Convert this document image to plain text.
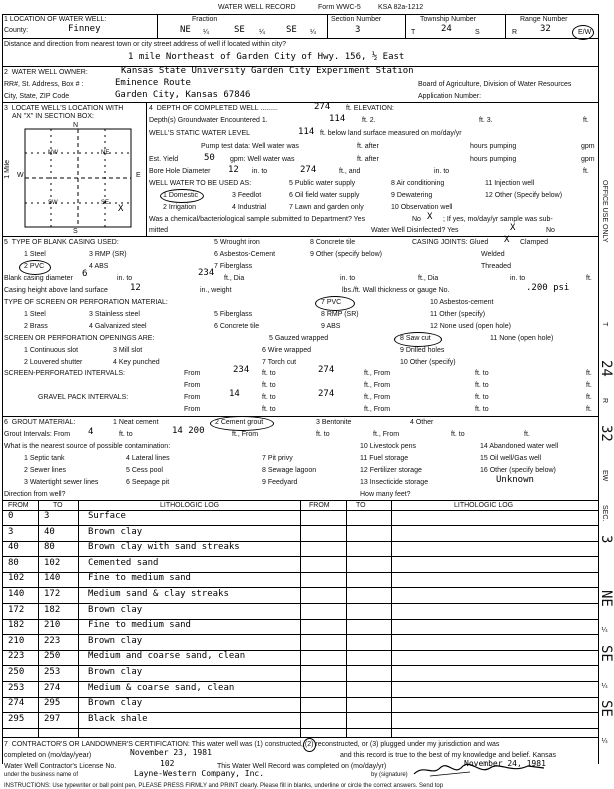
WATER WELL RECORD	Form WWC-5 KSA 82a-1212
1 LOCATION OF WATER WELL:
County:	Finney
Fraction
NE ¼	SE ¼ SE ¼
Section Number
3
Township Number
T	24	S
Range Number
R	32	E/W
Distance and direction from nearest town or city street address of well if located within city?
1 mile Northeast of Garden City of Hwy. 156, ½ East
2 WATER WELL OWNER:	Kansas State University Garden City Experiment Station
RR#, St. Address, Box # :	Eminence Route	Board of Agriculture, Division of Water Resources
City, State, ZIP Code	Garden City, Kansas 67846	Application Number:
3 LOCATE WELL'S LOCATION WITH
AN "X" IN SECTION BOX:
N
S
W	E
NW	NE
SW	SE
X
1 Mile
4 DEPTH OF COMPLETED WELL .........	274 ft. ELEVATION:
Depth(s) Groundwater Encountered 1.	114 ft. 2.	ft. 3.	ft.
WELL'S STATIC WATER LEVEL	114 ft. below land surface measured on mo/day/yr
Pump test data: Well water was	ft. after	hours pumping	gpm
Est. Yield	50 gpm: Well water was	ft. after	hours pumping	gpm
Bore Hole Diameter 12 in. to	274	ft., and	in. to	ft.
WELL WATER TO BE USED AS:
1 Domestic	3 Feedlot	6 Oil field water supply	9 Dewatering	12 Other (Specify below)
2 Irrigation	4 Industrial	7 Lawn and garden only	10 Observation well
5 Public water supply	8 Air conditioning	11 Injection well
Was a chemical/bacteriological sample submitted to Department? Yes	No X ; If yes, mo/day/yr sample was sub-
mitted	Water Well Disinfected? Yes	X	No
5 TYPE OF BLANK CASING USED:	5 Wrought iron	8 Concrete tile	CASING JOINTS: Glued X Clamped
1 Steel	3 RMP (SR)	6 Asbestos-Cement	9 Other (specify below)	Welded
2 PVC	4 ABS	7 Fiberglass	Threaded
Blank casing diameter 6	in. to
234
ft., Dia	in. to	ft., Dia	in. to	ft.
Casing height above land surface 12	in., weight	lbs./ft. Wall thickness or gauge No.	.200 psi
TYPE OF SCREEN OR PERFORATION MATERIAL:	7 PVC	10 Asbestos-cement
1 Steel	3 Stainless steel	5 Fiberglass	8 RMP (SR)	11 Other (specify)
2 Brass	4 Galvanized steel	6 Concrete tile	9 ABS	12 None used (open hole)
SCREEN OR PERFORATION OPENINGS ARE:	5 Gauzed wrapped	8 Saw cut	11 None (open hole)
1 Continuous slot	3 Mill slot	6 Wire wrapped	9 Drilled holes
2 Louvered shutter	4 Key punched	7 Torch cut	10 Other (specify)
SCREEN-PERFORATED INTERVALS:	From	234 ft. to	274	ft., From	ft. to	ft.
From	ft. to	ft., From	ft. to	ft.
GRAVEL PACK INTERVALS:	From	14	ft. to	274	ft., From	ft. to	ft.
From	ft. to	ft., From	ft. to	ft.
6 GROUT MATERIAL:	1 Neat cement	2 Cement grout	3 Bentonite	4 Other
Grout Intervals: From 4	ft. to	14 200	ft., From	ft. to	ft., From	ft. to	ft.
What is the nearest source of possible contamination:	10 Livestock pens	14 Abandoned water well
1 Septic tank	4 Lateral lines	7 Pit privy	11 Fuel storage	15 Oil well/Gas well
2 Sewer lines	5 Cess pool	8 Sewage lagoon	12 Fertilizer storage	16 Other (specify below)
3 Watertight sewer lines	6 Seepage pit	9 Feedyard	13 Insecticide storage	Unknown
Direction from well?	How many feet?
FROM	TO	LITHOLOGIC LOG	FROM	TO	LITHOLOGIC LOG
0	3	Surface
3	40	Brown clay
40	80	Brown clay with sand streaks
80	102	Cemented sand
102 140	Fine to medium sand
140 172	Medium sand & clay streaks
172 182	Brown clay
182 210	Fine to medium sand
210 223	Brown clay
223 250	Medium and coarse sand, clean
250 253	Brown clay
253 274	Medium & coarse sand, clean
274 295	Brown clay
295 297	Black shale
7 CONTRACTOR'S OR LANDOWNER'S CERTIFICATION: This water well was (1) constructed, (2) reconstructed, or (3) plugged under my jurisdiction and was
completed on (mo/day/year)	November 23, 1981	and this record is true to the best of my knowledge and belief. Kansas
Water Well Contractor's License No.	102	This Water Well Record was completed on (mo/day/yr)	November 24, 1981
under the business name of	Layne-Western Company, Inc.	by (signature)
OFFICE USE ONLY
T
24
R
32
EW
SEC.
3
NE
¼
SE
¼
SE
¼
INSTRUCTIONS: Use typewriter or ball point pen, PLEASE PRESS FIRMLY and PRINT clearly. Please fill in blanks, underline or circle the correct answers. Send top
